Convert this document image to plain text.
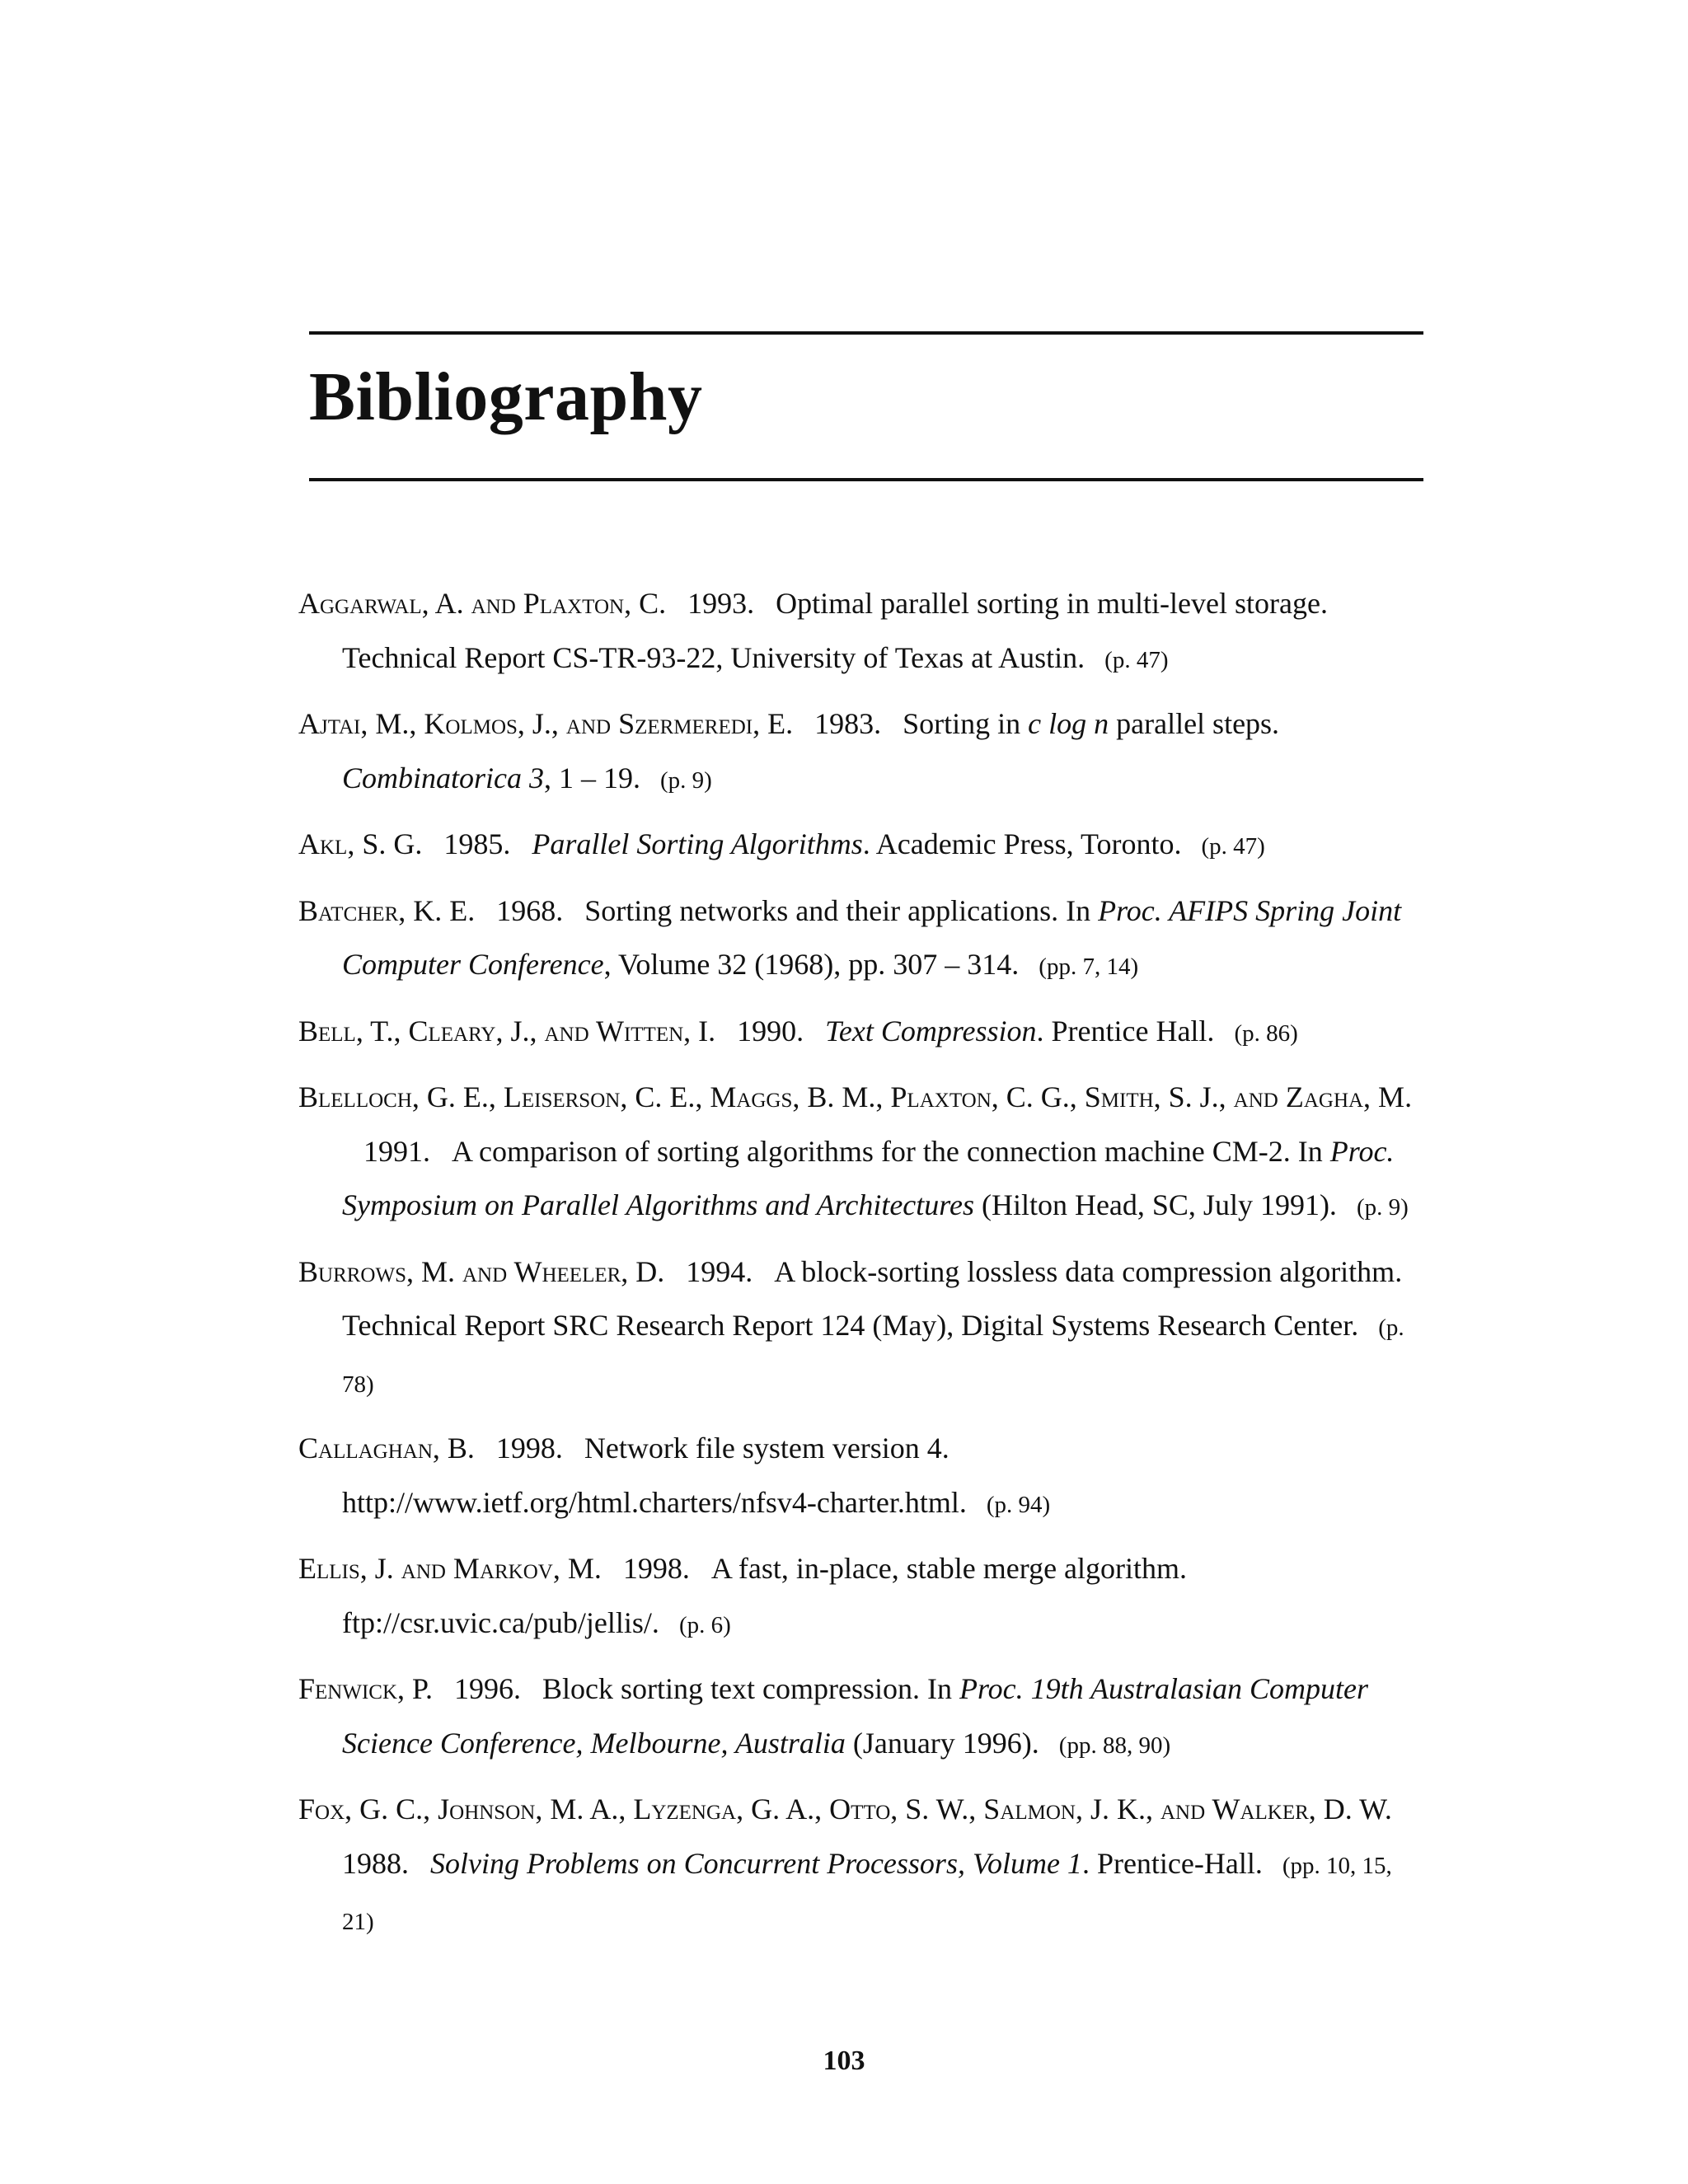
Bibliography

Aggarwal, A. and Plaxton, C. 1993. Optimal parallel sorting in multi-level storage. Technical Report CS-TR-93-22, University of Texas at Austin. (p. 47)

Ajtai, M., Kolmos, J., and Szermeredi, E. 1983. Sorting in c log n parallel steps. Combinatorica 3, 1 – 19. (p. 9)

Akl, S. G. 1985. Parallel Sorting Algorithms. Academic Press, Toronto. (p. 47)

Batcher, K. E. 1968. Sorting networks and their applications. In Proc. AFIPS Spring Joint Computer Conference, Volume 32 (1968), pp. 307 – 314. (pp. 7, 14)

Bell, T., Cleary, J., and Witten, I. 1990. Text Compression. Prentice Hall. (p. 86)

Blelloch, G. E., Leiserson, C. E., Maggs, B. M., Plaxton, C. G., Smith, S. J., and Zagha, M.1991. A comparison of sorting algorithms for the connection machine CM-2. In Proc. Symposium on Parallel Algorithms and Architectures (Hilton Head, SC, July 1991). (p. 9)

Burrows, M. and Wheeler, D. 1994. A block-sorting lossless data compression algorithm. Technical Report SRC Research Report 124 (May), Digital Systems Research Center. (p. 78)

Callaghan, B. 1998. Network file system version 4. http://www.ietf.org/html.charters/nfsv4-charter.html. (p. 94)

Ellis, J. and Markov, M. 1998. A fast, in-place, stable merge algorithm. ftp://csr.uvic.ca/pub/jellis/. (p. 6)

Fenwick, P. 1996. Block sorting text compression. In Proc. 19th Australasian Computer Science Conference, Melbourne, Australia (January 1996). (pp. 88, 90)

Fox, G. C., Johnson, M. A., Lyzenga, G. A., Otto, S. W., Salmon, J. K., and Walker, D. W.1988. Solving Problems on Concurrent Processors, Volume 1. Prentice-Hall. (pp. 10, 15, 21)

103
